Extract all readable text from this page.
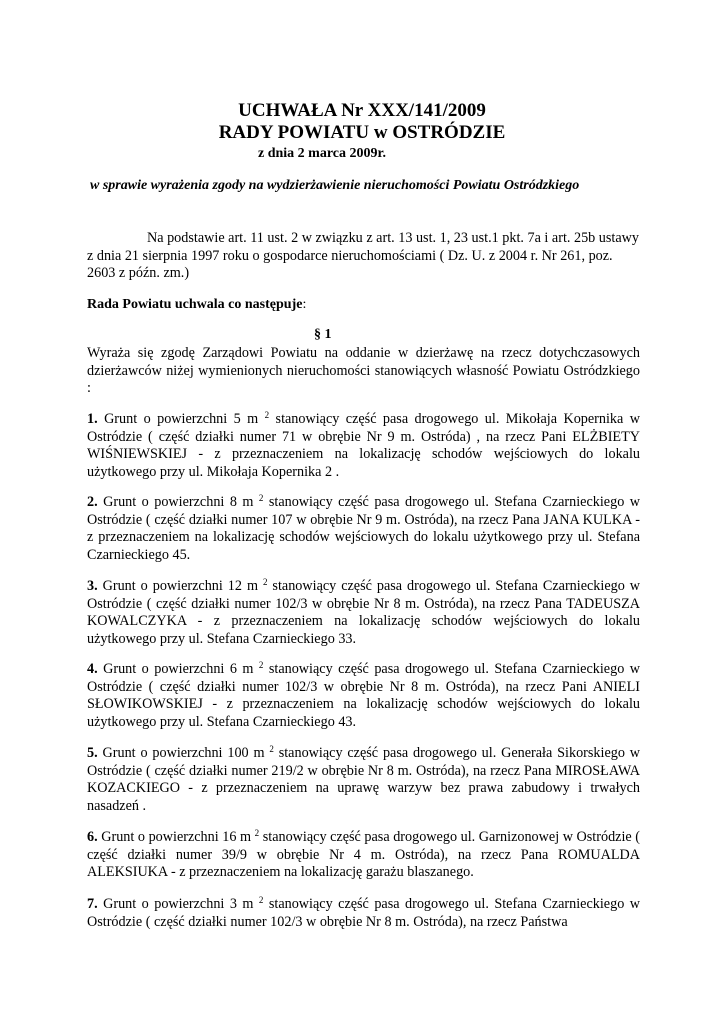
UCHWAŁA Nr XXX/141/2009
RADY POWIATU w OSTRÓDZIE
z dnia 2 marca 2009r.
w sprawie wyrażenia zgody na wydzierżawienie nieruchomości Powiatu Ostródzkiego
Na podstawie art. 11 ust. 2 w związku z art. 13 ust. 1, 23 ust.1 pkt. 7a i art. 25b ustawy z dnia 21 sierpnia 1997 roku o gospodarce nieruchomościami ( Dz. U. z 2004 r. Nr 261, poz. 2603 z późn. zm.)
Rada Powiatu uchwala co następuje:
§ 1
Wyraża się zgodę Zarządowi Powiatu na oddanie w dzierżawę na rzecz dotychczasowych dzierżawców niżej wymienionych nieruchomości stanowiących własność Powiatu Ostródzkiego :
1. Grunt o powierzchni 5 m $^2$ stanowiący część pasa drogowego ul. Mikołaja Kopernika w Ostródzie ( część działki numer 71 w obrębie Nr 9 m. Ostróda) , na rzecz Pani ELŻBIETY WIŚNIEWSKIEJ - z przeznaczeniem na lokalizację schodów wejściowych do lokalu użytkowego przy ul. Mikołaja Kopernika 2 .
2. Grunt o powierzchni 8 m $^2$ stanowiący część pasa drogowego ul. Stefana Czarnieckiego w Ostródzie ( część działki numer 107 w obrębie Nr 9 m. Ostróda), na rzecz Pana JANA KULKA - z przeznaczeniem na lokalizację schodów wejściowych do lokalu użytkowego przy ul. Stefana Czarnieckiego 45.
3. Grunt o powierzchni 12 m $^2$ stanowiący część pasa drogowego ul. Stefana Czarnieckiego w Ostródzie ( część działki numer 102/3 w obrębie Nr 8 m. Ostróda), na rzecz Pana TADEUSZA KOWALCZYKA - z przeznaczeniem na lokalizację schodów wejściowych do lokalu użytkowego przy ul. Stefana Czarnieckiego 33.
4. Grunt o powierzchni 6 m $^2$ stanowiący część pasa drogowego ul. Stefana Czarnieckiego w Ostródzie ( część działki numer 102/3 w obrębie Nr 8 m. Ostróda), na rzecz Pani ANIELI SŁOWIKOWSKIEJ - z przeznaczeniem na lokalizację schodów wejściowych do lokalu użytkowego przy ul. Stefana Czarnieckiego 43.
5. Grunt o powierzchni 100 m $^2$ stanowiący część pasa drogowego ul. Generała Sikorskiego w Ostródzie ( część działki numer 219/2 w obrębie Nr 8 m. Ostróda), na rzecz Pana MIROSŁAWA KOZACKIEGO - z przeznaczeniem na uprawę warzyw bez prawa zabudowy i trwałych nasadzeń .
6. Grunt o powierzchni 16 m $^2$ stanowiący część pasa drogowego ul. Garnizonowej w Ostródzie ( część działki numer 39/9 w obrębie Nr 4 m. Ostróda), na rzecz Pana ROMUALDA ALEKSIUKA - z przeznaczeniem na lokalizację garażu blaszanego.
7. Grunt o powierzchni 3 m $^2$ stanowiący część pasa drogowego ul. Stefana Czarnieckiego w Ostródzie ( część działki numer 102/3 w obrębie Nr 8 m. Ostróda), na rzecz Państwa
